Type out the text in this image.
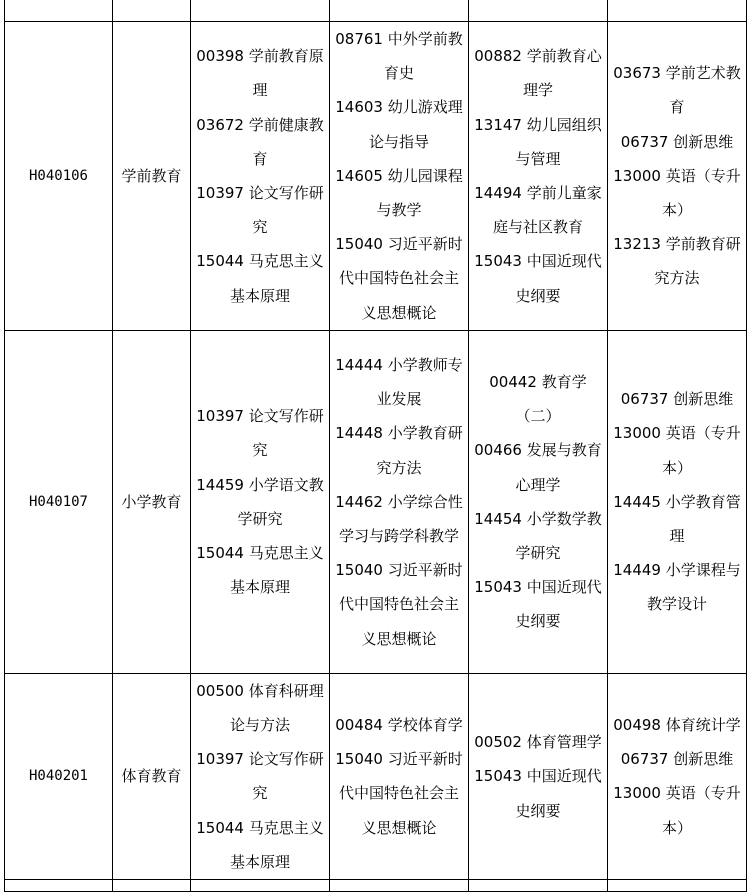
H040106	学前教育	00398 学前教育原理
03672 学前健康教育
10397 论文写作研究
15044 马克思主义基本原理	08761 中外学前教育史
14603 幼儿游戏理论与指导
14605 幼儿园课程与教学
15040 习近平新时代中国特色社会主义思想概论	00882 学前教育心理学
13147 幼儿园组织与管理
14494 学前儿童家庭与社区教育
15043 中国近现代史纲要	03673 学前艺术教育
06737 创新思维
13000 英语（专升本）
13213 学前教育研究方法

H040107	小学教育	10397 论文写作研究
14459 小学语文教学研究
15044 马克思主义基本原理	14444 小学教师专业发展
14448 小学教育研究方法
14462 小学综合性学习与跨学科教学
15040 习近平新时代中国特色社会主义思想概论	00442 教育学（二）
00466 发展与教育心理学
14454 小学数学教学研究
15043 中国近现代史纲要	06737 创新思维
13000 英语（专升本）
14445 小学教育管理
14449 小学课程与教学设计

H040201	体育教育	00500 体育科研理论与方法
10397 论文写作研究
15044 马克思主义基本原理	00484 学校体育学
15040 习近平新时代中国特色社会主义思想概论	00502 体育管理学
15043 中国近现代史纲要	00498 体育统计学
06737 创新思维
13000 英语（专升本）
